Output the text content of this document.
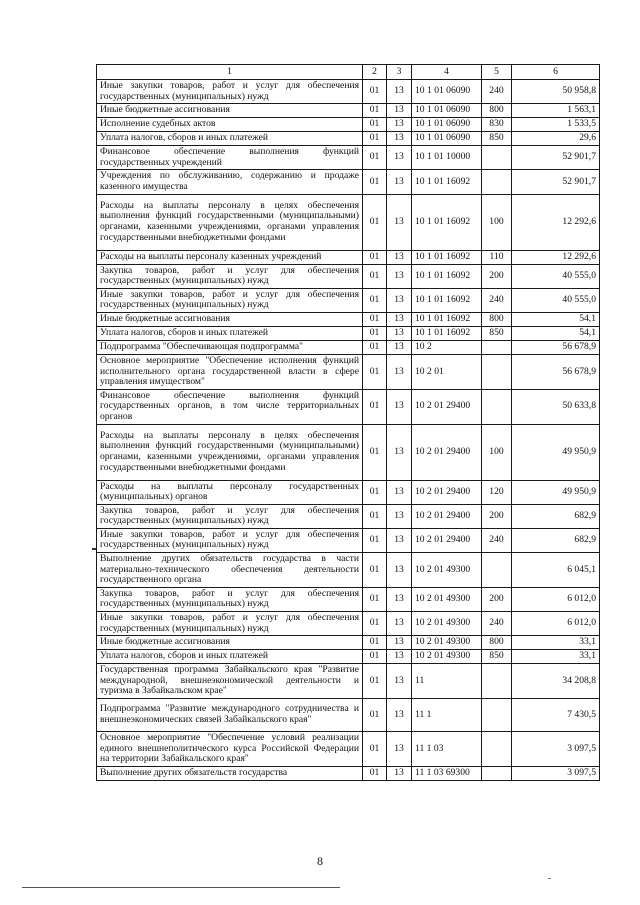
1	2	3	4	5	6
Иные закупки товаров, работ и услуг для обеспечения государственных (муниципальных) нужд	01	13	10 1 01 06090	240	50 958,8
Иные бюджетные ассигнования	01	13	10 1 01 06090	800	1 563,1
Исполнение судебных актов	01	13	10 1 01 06090	830	1 533,5
Уплата налогов, сборов и иных платежей	01	13	10 1 01 06090	850	29,6
Финансовое обеспечение выполнения функций государственных учреждений	01	13	10 1 01 10000		52 901,7
Учреждения по обслуживанию, содержанию и продаже казенного имущества	01	13	10 1 01 16092		52 901,7
Расходы на выплаты персоналу в целях обеспечения выполнения функций государственными (муниципальными) органами, казенными учреждениями, органами управления государственными внебюджетными фондами	01	13	10 1 01 16092	100	12 292,6
Расходы на выплаты персоналу казенных учреждений	01	13	10 1 01 16092	110	12 292,6
Закупка товаров, работ и услуг для обеспечения государственных (муниципальных) нужд	01	13	10 1 01 16092	200	40 555,0
Иные закупки товаров, работ и услуг для обеспечения государственных (муниципальных) нужд	01	13	10 1 01 16092	240	40 555,0
Иные бюджетные ассигнования	01	13	10 1 01 16092	800	54,1
Уплата налогов, сборов и иных платежей	01	13	10 1 01 16092	850	54,1
Подпрограмма "Обеспечивающая подпрограмма"	01	13	10 2		56 678,9
Основное мероприятие "Обеспечение исполнения функций исполнительного органа государственной власти в сфере управления имуществом"	01	13	10 2 01		56 678,9
Финансовое обеспечение выполнения функций государственных органов, в том числе территориальных органов	01	13	10 2 01 29400		50 633,8
Расходы на выплаты персоналу в целях обеспечения выполнения функций государственными (муниципальными) органами, казенными учреждениями, органами управления государственными внебюджетными фондами	01	13	10 2 01 29400	100	49 950,9
Расходы на выплаты персоналу государственных (муниципальных) органов	01	13	10 2 01 29400	120	49 950,9
Закупка товаров, работ и услуг для обеспечения государственных (муниципальных) нужд	01	13	10 2 01 29400	200	682,9
Иные закупки товаров, работ и услуг для обеспечения государственных (муниципальных) нужд	01	13	10 2 01 29400	240	682,9
Выполнение других обязательств государства в части материально-технического обеспечения деятельности государственного органа	01	13	10 2 01 49300		6 045,1
Закупка товаров, работ и услуг для обеспечения государственных (муниципальных) нужд	01	13	10 2 01 49300	200	6 012,0
Иные закупки товаров, работ и услуг для обеспечения государственных (муниципальных) нужд	01	13	10 2 01 49300	240	6 012,0
Иные бюджетные ассигнования	01	13	10 2 01 49300	800	33,1
Уплата налогов, сборов и иных платежей	01	13	10 2 01 49300	850	33,1
Государственная программа Забайкальского края "Развитие международной, внешнеэкономической деятельности и туризма в Забайкальском крае"	01	13	11		34 208,8
Подпрограмма "Развитие международного сотрудничества и внешнеэкономических связей Забайкальского края"	01	13	11 1		7 430,5
Основное мероприятие "Обеспечение условий реализации единого внешнеполитического курса Российской Федерации на территории Забайкальского края"	01	13	11 1 03		3 097,5
Выполнение других обязательств государства	01	13	11 1 03 69300		3 097,5
8
